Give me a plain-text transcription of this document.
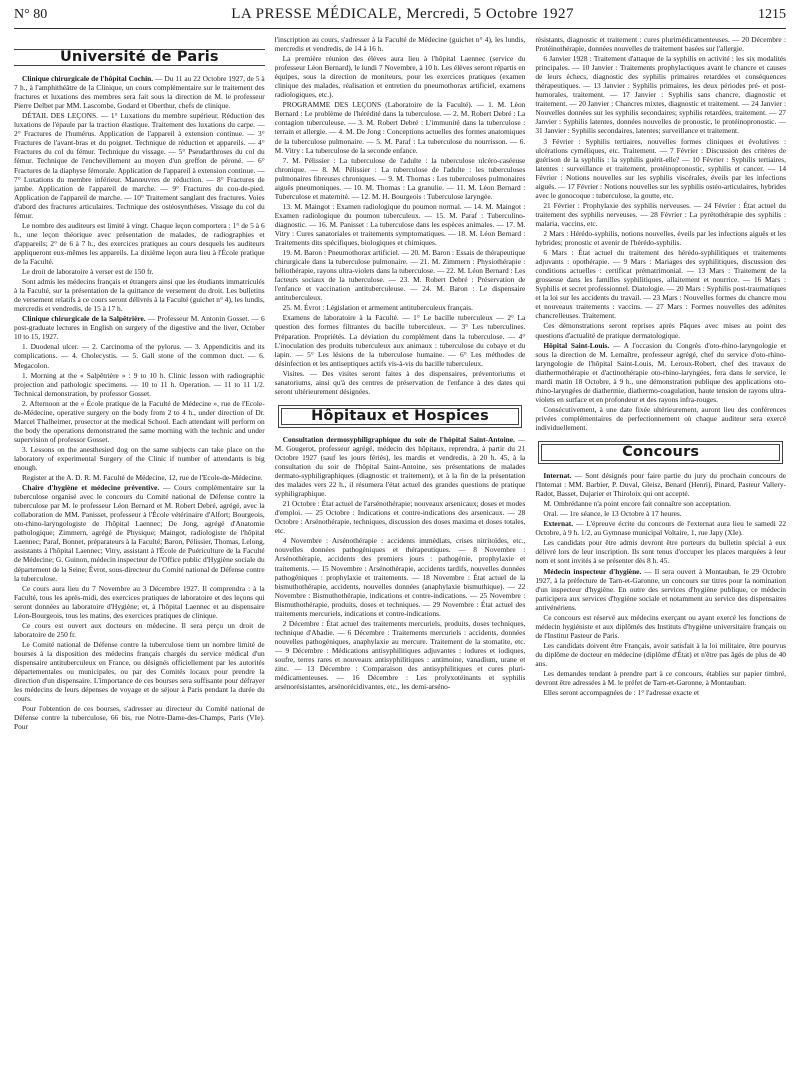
N° 80	LA PRESSE MÉDICALE, Mercredi, 5 Octobre 1927	1215
Université de Paris

Clinique chirurgicale de l'hôpital Cochin. — Du 11 au 22 Octobre 1927, de 5 à 7 h., à l'amphithéâtre de la Clinique, un cours complémentaire sur le traitement des fractures et luxations des membres sera fait sous la direction de M. le professeur Pierre Delbet par MM. Lascombe, Godard et Oberthur, chefs de clinique.

DÉTAIL DES LEÇONS. — 1° Luxations du membre supérieur. Réduction des luxations de l'épaule par la traction élastique. Traitement des luxations du carpe. — 2° Fractures de l'humérus. Application de l'appareil à extension continue. — 3° Fractures de l'avant-bras et du poignet. Technique de réduction et appareils. — 4° Fractures du col du fémur. Technique du vissage. — 5° Pseudarthroses du col du fémur. Technique de l'enchevillement au moyen d'un greffon de péroné. — 6° Fractures de la diaphyse fémorale. Application de l'appareil à extension continue. — 7° Luxations du membre inférieur. Manœuvres de réduction. — 8° Fractures de jambe. Application de l'appareil de marche. — 9° Fractures du cou-de-pied. Application de l'appareil de marche. — 10° Traitement sanglant des fractures. Voies d'abord des fractures articulaires. Technique des ostéosynthèses. Vissage du col du fémur.

Le nombre des auditeurs est limité à vingt. Chaque leçon comportera : 1° de 5 à 6 h., une leçon théorique avec présentation de malades, de radiographies et d'appareils; 2° de 6 à 7 h., des exercices pratiques au cours desquels les auditeurs appliqueront eux-mêmes les appareils. La dixième leçon aura lieu à l'École pratique de la Faculté.

Le droit de laboratoire à verser est de 150 fr.

Sont admis les médecins français et étrangers ainsi que les étudiants immatriculés à la Faculté, sur la présentation de la quittance de versement du droit. Les bulletins de versement relatifs à ce cours seront délivrés à la Faculté (guichet n° 4), les lundis, mercredis et vendredis, de 15 à 17 h.

Clinique chirurgicale de la Salpêtrière. — Professeur M. Antonin Gosset. — 6 post-graduate lectures in English on surgery of the digestive and the liver, October 10 to 15, 1927.

1. Duodenal ulcer. — 2. Carcinoma of the pylorus. — 3. Appendicitis and its complications. — 4. Cholecystis. — 5. Gall stone of the common duct. — 6. Megacolon.

1. Morning at the « Salpêtrière » : 9 to 10 h. Clinic lesson with radiographic projection and pathologic specimens. — 10 to 11 h. Operation. — 11 to 11 1/2. Technical demonstration, by professor Gosset.

2. Afternoon at the « École pratique de la Faculté de Médecine », rue de l'Ecole-de-Médecine, operative surgery on the body from 2 to 4 h., under direction of Dr. Marcel Thalheimer, prosector at the medical School. Each attendant will perform on the body the operations demonstrated the same morning with the technic and under supervision of professor Gosset.

3. Lessons on the anesthesied dog on the same subjects can take place on the laboratory of experimental Surgery of the Clinic if number of attendants is big enough.

Register at the A. D. R. M. Faculté de Médecine, 12, rue de l'Ecole-de-Médecine.

Chaire d'hygiène et médecine préventive. — Cours complémentaire sur la tuberculose organisé avec le concours du Comité national de Défense contre la tuberculose par M. le professeur Léon Bernard et M. Robert Debré, agrégé, avec la collaboration de MM. Panisset, professeur à l'École vétérinaire d'Alfort; Bourgeois, oto-rhino-laryngologiste de l'hôpital Laennec; De Jong, agrégé d'Anatomie pathologique; Zimmern, agrégé de Physique; Maingot, radiologiste de l'hôpital Laennec; Paraf, Bonnet, préparateurs à la Faculté; Baron, Pélissier, Thomas, Lelong, assistants à l'hôpital Laennec; Vitry, assistant à l'École de Puériculture de la Faculté de Médecine; G. Guinon, médecin inspecteur de l'Office public d'Hygiène sociale du département de la Seine; Évrot, sous-directeur du Comité national de Défense contre la tuberculose.

Ce cours aura lieu du 7 Novembre au 3 Décembre 1927. Il comprendra : à la Faculté, tous les après-midi, des exercices pratiques de laboratoire et des leçons qui seront données au laboratoire d'Hygiène; et, à l'hôpital Laennec et au dispensaire Léon-Bourgeois, tous les matins, des exercices pratiques de clinique.

Ce cours est ouvert aux docteurs en médecine. Il sera perçu un droit de laboratoire de 250 fr.

Le Comité national de Défense contre la tuberculose tient un nombre limité de bourses à la disposition des médecins français chargés du service médical d'un dispensaire antituberculeux en France, ou désignés officiellement par les autorités départementales ou municipales, ou par des Comités locaux pour prendre la direction d'un dispensaire. L'importance de ces bourses sera suffisante pour défrayer les médecins de leurs dépenses de voyage et de séjour à Paris pendant la durée du cours.

Pour l'obtention de ces bourses, s'adresser au directeur du Comité national de Défense contre la tuberculose, 66 bis, rue Notre-Dame-des-Champs, Paris (VIe). Pour

l'inscription au cours, s'adresser à la Faculté de Médecine (guichet n° 4), les lundis, mercredis et vendredis, de 14 à 16 h.

La première réunion des élèves aura lieu à l'hôpital Laennec (service du professeur Léon Bernard), le lundi 7 Novembre, à 10 h. Les élèves seront répartis en équipes, sous la direction de moniteurs, pour les exercices pratiques (examen clinique des malades, réalisation et entretien du pneumothorax artificiel, examens radiologiques, etc.).

PROGRAMME DES LEÇONS (Laboratoire de la Faculté). — 1. M. Léon Bernard : Le problème de l'hérédité dans la tuberculose. — 2. M. Robert Debré : La contagion tuberculeuse. — 3. M. Robert Debré : L'immunité dans la tuberculose : terrain et allergie. — 4. M. De Jong : Conceptions actuelles des formes anatomiques de la tuberculose pulmonaire. — 5. M. Paraf : La tuberculose du nourrisson. — 6. M. Vitry : La tuberculose de la seconde enfance.

7. M. Pélissier : La tuberculose de l'adulte : la tuberculose ulcéro-caséeuse chronique. — 8. M. Pélissier : La tuberculose de l'adulte : les tuberculoses pulmonaires fibreuses chroniques. — 9. M. Thomas : Les tuberculoses pulmonaires aiguës pneumoniques. — 10. M. Thomas : La granulie. — 11. M. Léon Bernard : Tuberculose et maternité. — 12. M. H. Bourgeois : Tuberculose laryngée.

13. M. Maingot : Examen radiologique du poumon normal. — 14. M. Maingot : Examen radiologique du poumon tuberculeux. — 15. M. Paraf : Tuberculino-diagnostic. — 16. M. Panisset : La tuberculose dans les espèces animales. — 17. M. Vitry : Cures sanatoriales et traitements symptomatiques. — 18. M. Léon Bernard : Traitements dits spécifiques, biologiques et chimiques.

19. M. Baron : Pneumothorax artificiel. — 20. M. Baron : Essais de thérapeutique chirurgicale dans la tuberculose pulmonaire. — 21. M. Zimmern : Physiothérapie : héliothérapie, rayons ultra-violets dans la tuberculose. — 22. M. Léon Bernard : Les facteurs sociaux de la tuberculose. — 23. M. Robert Debré : Préservation de l'enfance et vaccination antituberculeuse. — 24. M. Baron : Le dispensaire antituberculeux.

25. M. Évrot : Législation et armement antituberculeux français.

Examens de laboratoire à la Faculté. — 1° Le bacille tuberculeux — 2° La question des formes filtrantes du bacille tuberculeux. — 3° Les tuberculines. Préparation. Propriétés. La déviation du complément dans la tuberculose. — 4° L'inoculation des produits tuberculeux aux animaux : tuberculose du cobaye et du lapin. — 5° Les lésions de la tuberculose humaine. — 6° Les méthodes de désinfection et les antiseptiques actifs vis-à-vis du bacille tuberculeux.

Visites. — Des visites seront faites à des dispensaires, préventoriums et sanatoriums, ainsi qu'à des centres de préservation de l'enfance à des dates qui seront ultérieurement désignées.

Hôpitaux et Hospices

Consultation dermosyphiligraphique du soir de l'hôpital Saint-Antoine. — M. Gougerot, professeur agrégé, médecin des hôpitaux, reprendra, à partir du 21 Octobre 1927 (sauf les jours fériés), les mardis et vendredis, à 20 h. 45, à la consultation du soir de l'hôpital Saint-Antoine, ses présentations de malades dermato-syphiligraphiques (diagnostic et traitement), et à la fin de la présentation des malades vers 22 h., il résumera l'état actuel des grandes questions de pratique syphiligraphique.

21 Octobre : État actuel de l'arsénothérapie; nouveaux arsenicaux; doses et modes d'emploi. — 25 Octobre : Indications et contre-indications des arsenicaux. — 28 Octobre : Arsénothérapie, techniques, discussion des doses maxima et doses totales, etc.

4 Novembre : Arsénothérapie : accidents immédiats, crises nitritoïdes, etc., nouvelles données pathogéniques et thérapeutiques. — 8 Novembre : Arsénothérapie, accidents des premiers jours : pathogénie, prophylaxie et traitements. — 15 Novembre : Arsénothérapie, accidents tardifs, nouvelles données pathogéniques : prophylaxie et traitements. — 18 Novembre : État actuel de la bismuthothérapie, accidents, nouvelles données (anaphylaxie bismuthique). — 22 Novembre : Bismuthothérapie, indications et contre-indications. — 25 Novembre : Bismuthothérapie, produits, doses et techniques. — 29 Novembre : État actuel des traitements mercuriels, indications et contre-indications.

2 Décembre : État actuel des traitements mercuriels, produits, doses techniques, technique d'Abadie. — 6 Décembre : Traitements mercuriels : accidents, données nouvelles pathogéniques, anaphylaxie au mercure. Traitement de la stomatite, etc. — 9 Décembre : Médications antisyphilitiques adjuvantes : iodures et iodiques, soufre, terres rares et nouveaux antisyphilitiques : antimoine, vanadium, urane et zinc. — 13 Décembre : Comparaison des antisyphilitiques et cures pluri-médicamenteuses. — 16 Décembre : Les prolyxotéinants et syphilis arsénorésistantes, arsénorécidivantes, etc., les demi-arséno-

résistants, diagnostic et traitement : cures plurimédicamenteuses. — 20 Décembre : Protéinothérapie, données nouvelles de traitement basées sur l'allergie.

6 Janvier 1928 : Traitement d'attaque de la syphilis en activité : les six modalités principales. — 10 Janvier : Traitements prophylactiques avant le chancre et causes de leurs échecs, diagnostic des syphilis primaires retardées et conséquences thérapeutiques. — 13 Janvier : Syphilis primaires, les deux périodes pré- et post-humorales, traitement. — 17 Janvier : Syphilis sans chancre, diagnostic et traitement. — 20 Janvier : Chancres mixtes, diagnostic et traitement. — 24 Janvier : Nouvelles données sur les syphilis secondaires; syphilis retardées, traitement. — 27 Janvier : Syphilis latentes, données nouvelles de pronostic, le protéinopronostic. — 31 Janvier : Syphilis secondaires, latentes; surveillance et traitement.

3 Février : Syphilis tertiaires, nouvelles formes cliniques et évolutives : ulcérations cyméliques, etc. Traitement. — 7 Février : Discussion des critères de guérison de la syphilis : la syphilis guérit-elle? — 10 Février : Syphilis tertiaires, latentes : surveillance et traitement, protéinopronostic, syphilis et cancer. — 14 Février : Notions nouvelles sur les syphilis viscérales, éveils par les infections aiguës. — 17 Février : Notions nouvelles sur les syphilis ostéo-articulaires, hybrides avec le gonocoque : tuberculose, la goutte, etc.

21 Février : Prophylaxie des syphilis nerveuses. — 24 Février : État actuel du traitement des syphilis nerveuses. — 28 Février : La pyrétothérapie des syphilis : malaria, vaccins, etc.

2 Mars : Hérédo-syphilis, notions nouvelles, éveils par les infections aiguës et les hybrides; pronostic et avenir de l'hérédo-syphilis.

6 Mars : État actuel du traitement des hérédo-syphilitiques et traitements adjuvants : opothérapie. — 9 Mars : Mariages des syphilitiques, discussion des conditions actuelles : certificat prématrimonial. — 13 Mars : Traitement de la grossesse dans les familles syphilitiques, allaitement et nourrice. — 16 Mars : Syphilis et secret professionnel. Diatologie. — 20 Mars : Syphilis post-traumatiques et la loi sur les accidents du travail. — 23 Mars : Nouvelles formes du chancre mou et nouveaux traitements : vaccins. — 27 Mars : Formes nouvelles des adénites chancrelleuses. Traitement.

Ces démonstrations seront reprises après Pâques avec mises au point des questions d'actualité de pratique dermatologique.

Hôpital Saint-Louis. — A l'occasion du Congrès d'oto-rhino-laryngologie et sous la direction de M. Lemaître, professeur agrégé, chef du service d'oto-rhino-laryngologie de l'hôpital Saint-Louis, M. Leroux-Robert, chef des travaux de diathermothérapie et d'actinothérapie oto-rhino-laryngées, fera dans le service, le mardi matin 18 Octobre, à 9 h., une démonstration publique des applications oto-rhino-laryngées de diathermie, diathermo-coagulation, haute tension de rayons ultra-violets en surface et en profondeur et des rayons infra-rouges.

Consécutivement, à une date fixée ultérieurement, auront lieu des conférences privées complémentaires de perfectionnement où chaque auditeur sera exercé individuellement.

Concours

Internat. — Sont désignés pour faire partie du jury du prochain concours de l'Internat : MM. Barbier, P. Duval, Gleisz, Benard (Henri), Pinard, Pasteur Vallery-Radot, Basset, Dujarier et Thiroloix qui ont accepté.

M. Ombrédanne n'a point encore fait connaître son acceptation.

Oral. — 1re séance, le 13 Octobre à 17 heures.

Externat. — L'épreuve écrite du concours de l'externat aura lieu le samedi 22 Octobre, à 9 h. 1/2, au Gymnase municipal Voltaire, 1, rue Japy (XIe).

Les candidats pour être admis devront être porteurs du bulletin spécial à eux délivré lors de leur inscription. Ils sont tenus d'occuper les places marquées à leur nom et sont invités à se présenter dès 8 h. 45.

Médecin inspecteur d'hygiène. — Il sera ouvert à Montauban, le 29 Octobre 1927, à la préfecture de Tarn-et-Garonne, un concours sur titres pour la nomination d'un inspecteur d'hygiène. En outre des services d'hygiène publique, ce médecin participera aux services d'hygiène sociale et notamment au service des dispensaires antivénériens.

Ce concours est réservé aux médecins exerçant ou ayant exercé les fonctions de médecin hygiéniste et aux diplômés des Instituts d'hygiène universitaire français ou de l'Institut Pasteur de Paris.

Les candidats doivent être Français, avoir satisfait à la loi militaire, être pourvus du diplôme de docteur en médecine (diplôme d'État) et n'être pas âgés de plus de 40 ans.

Les demandes tendant à prendre part à ce concours, établies sur papier timbré, devront être adressées à M. le préfet de Tarn-et-Garonne, à Montauban.

Elles seront accompagnées de : 1° l'adresse exacte et
